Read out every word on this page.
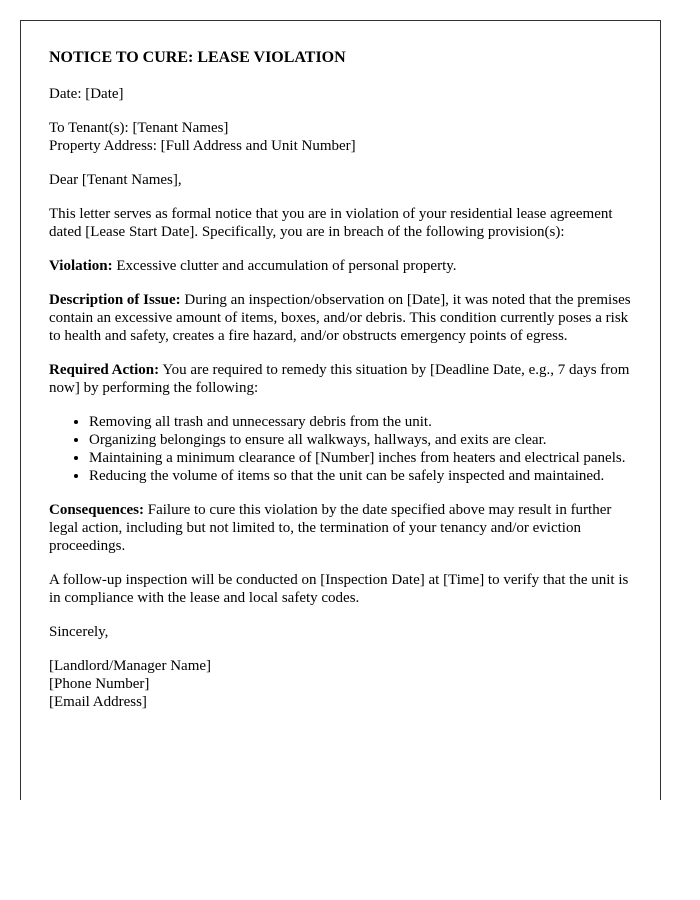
NOTICE TO CURE: LEASE VIOLATION

Date: [Date]

To Tenant(s): [Tenant Names]
Property Address: [Full Address and Unit Number]

Dear [Tenant Names],

This letter serves as formal notice that you are in violation of your residential lease agreement dated [Lease Start Date]. Specifically, you are in breach of the following provision(s):

Violation: Excessive clutter and accumulation of personal property.

Description of Issue: During an inspection/observation on [Date], it was noted that the premises contain an excessive amount of items, boxes, and/or debris. This condition currently poses a risk to health and safety, creates a fire hazard, and/or obstructs emergency points of egress.

Required Action: You are required to remedy this situation by [Deadline Date, e.g., 7 days from now] by performing the following:

• Removing all trash and unnecessary debris from the unit.
• Organizing belongings to ensure all walkways, hallways, and exits are clear.
• Maintaining a minimum clearance of [Number] inches from heaters and electrical panels.
• Reducing the volume of items so that the unit can be safely inspected and maintained.

Consequences: Failure to cure this violation by the date specified above may result in further legal action, including but not limited to, the termination of your tenancy and/or eviction proceedings.

A follow-up inspection will be conducted on [Inspection Date] at [Time] to verify that the unit is in compliance with the lease and local safety codes.

Sincerely,

[Landlord/Manager Name]
[Phone Number]
[Email Address]
